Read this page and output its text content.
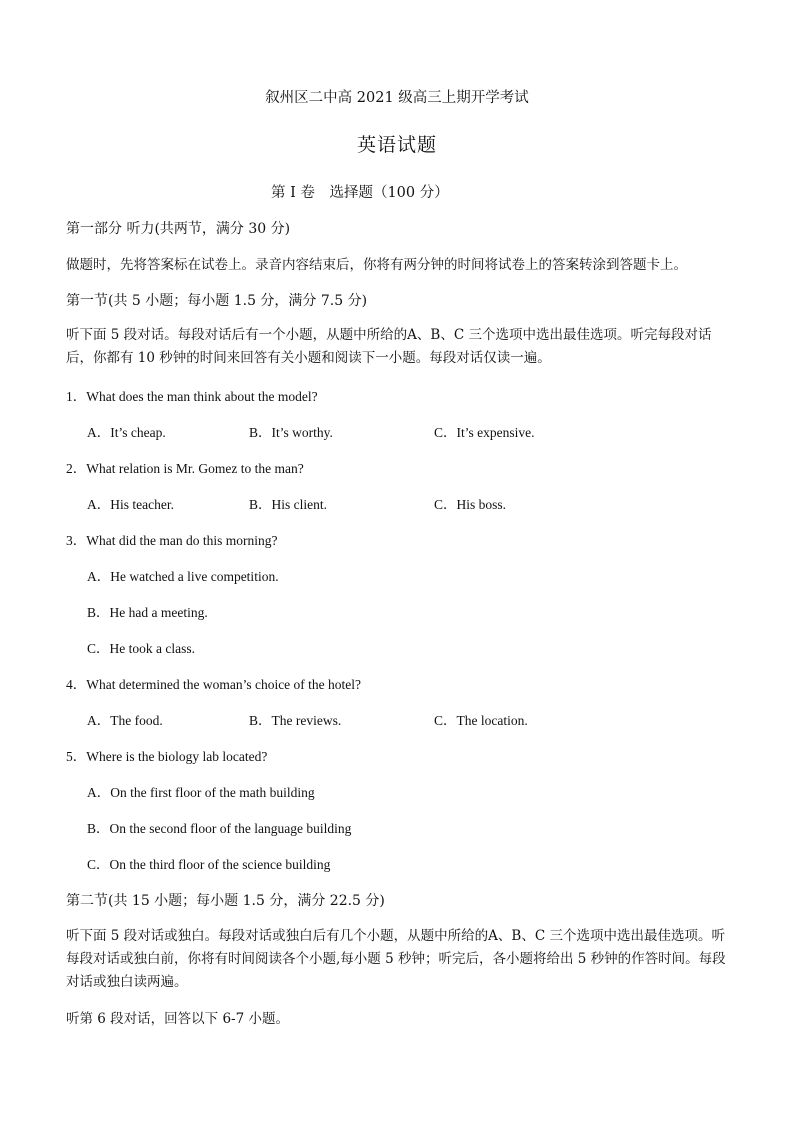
叙州区二中高 2021 级高三上期开学考试
英语试题
第 I 卷　选择题（100 分）
第一部分 听力(共两节，满分 30 分)
做题时，先将答案标在试卷上。录音内容结束后，你将有两分钟的时间将试卷上的答案转涂到答题卡上。
第一节(共 5 小题；每小题 1.5 分，满分 7.5 分)
听下面 5 段对话。每段对话后有一个小题，从题中所给的A、B、C 三个选项中选出最佳选项。听完每段对话后，你都有 10 秒钟的时间来回答有关小题和阅读下一小题。每段对话仅读一遍。
1．What does the man think about the model?
A．It’s cheap.	B．It’s worthy.	C．It’s expensive.
2．What relation is Mr. Gomez to the man?
A．His teacher.	B．His client.	C．His boss.
3．What did the man do this morning?
A．He watched a live competition.
B．He had a meeting.
C．He took a class.
4．What determined the woman’s choice of the hotel?
A．The food.	B．The reviews.	C．The location.
5．Where is the biology lab located?
A．On the first floor of the math building
B．On the second floor of the language building
C．On the third floor of the science building
第二节(共 15 小题；每小题 1.5 分，满分 22.5 分)
听下面 5 段对话或独白。每段对话或独白后有几个小题，从题中所给的A、B、C 三个选项中选出最佳选项。听每段对话或独白前，你将有时间阅读各个小题,每小题 5 秒钟；听完后，各小题将给出 5 秒钟的作答时间。每段对话或独白读两遍。
听第 6 段对话，回答以下 6-7 小题。
